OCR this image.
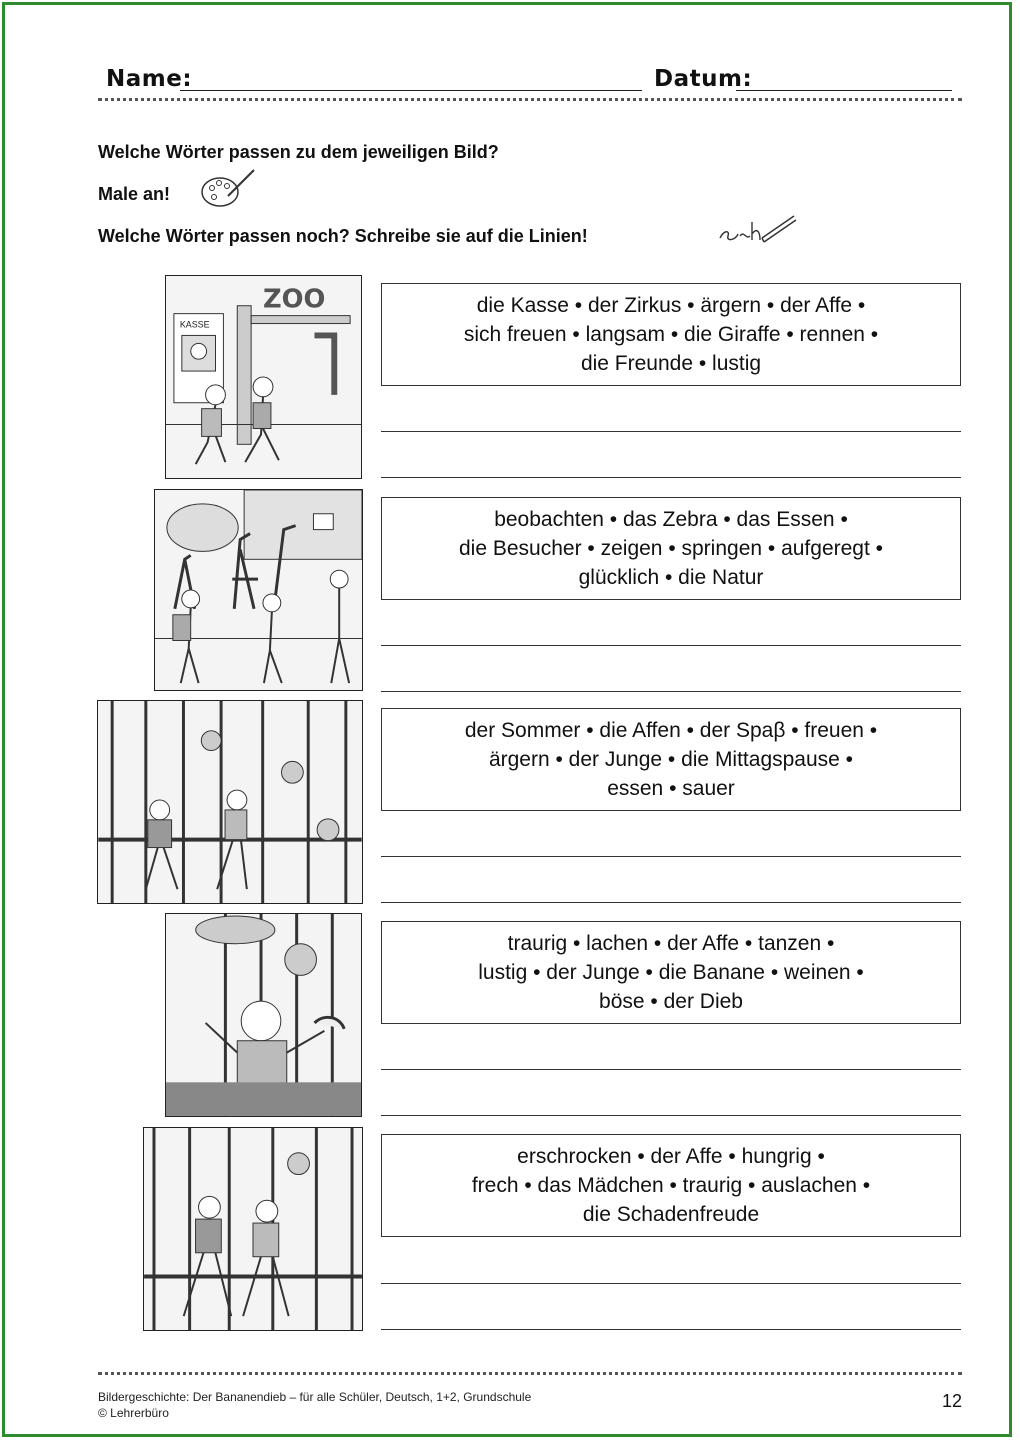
Name:	Datum:
Welche Wörter passen zu dem jeweiligen Bild?
Male an!
Welche Wörter passen noch? Schreibe sie auf die Linien!
KASSE
ZOO	die Kasse • der Zirkus • ärgern • der Affe •
sich freuen • langsam • die Giraffe • rennen •
die Freunde • lustig
beobachten • das Zebra • das Essen •
die Besucher • zeigen • springen • aufgeregt •
glücklich • die Natur
der Sommer • die Affen • der Spaβ • freuen •
ärgern • der Junge • die Mittagspause •
essen • sauer
traurig • lachen • der Affe • tanzen •
lustig • der Junge • die Banane • weinen •
böse • der Dieb
erschrocken • der Affe • hungrig •
frech • das Mädchen • traurig • auslachen •
die Schadenfreude
Bildergeschichte: Der Bananendieb – für alle Schüler, Deutsch, 1+2, Grundschule
© Lehrerbüro
12
